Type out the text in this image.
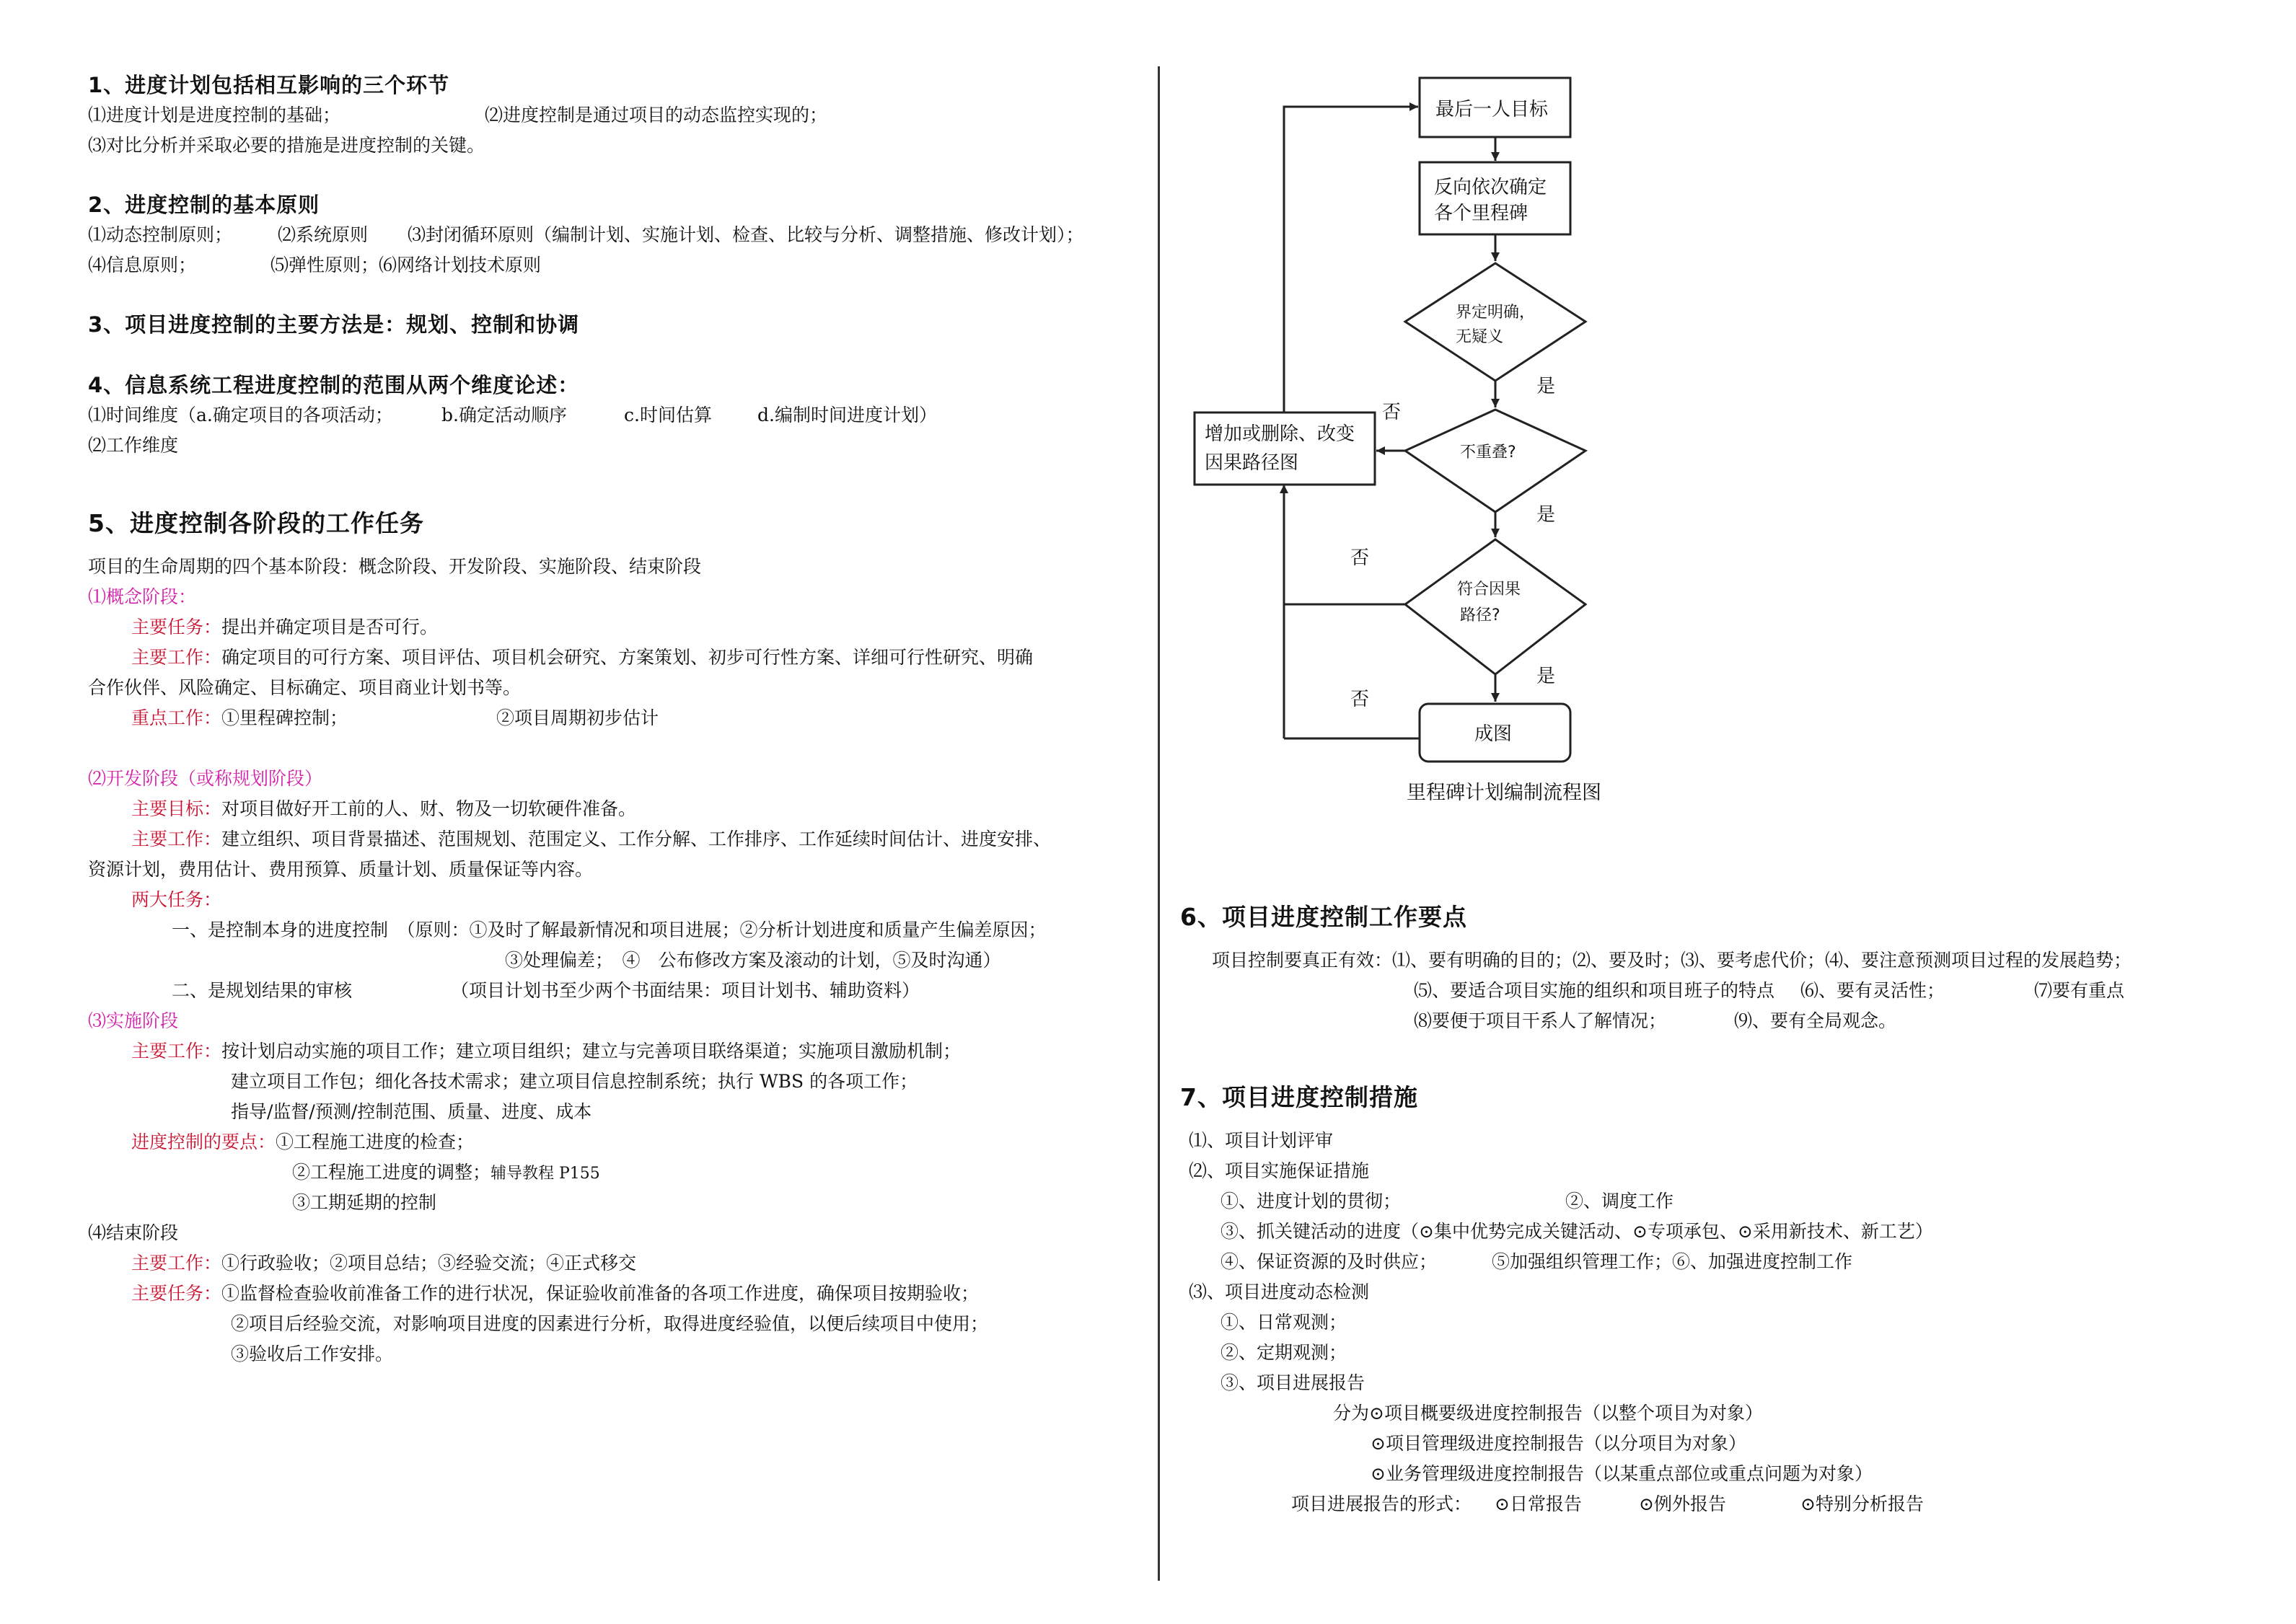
1、进度计划包括相互影响的三个环节
⑴进度计划是进度控制的基础；	⑵进度控制是通过项目的动态监控实现的；
⑶对比分析并采取必要的措施是进度控制的关键。
2、进度控制的基本原则
⑴动态控制原则；	⑵系统原则 ⑶封闭循环原则（编制计划、实施计划、检查、比较与分析、调整措施、修改计划）；
⑷信息原则；	⑸弹性原则；⑹网络计划技术原则
3、项目进度控制的主要方法是：规划、控制和协调
4、信息系统工程进度控制的范围从两个维度论述：
⑴时间维度（a.确定项目的各项活动；	b.确定活动顺序	c.时间估算	d.编制时间进度计划）
⑵工作维度
5、进度控制各阶段的工作任务
项目的生命周期的四个基本阶段：概念阶段、开发阶段、实施阶段、结束阶段
⑴概念阶段：
主要任务：提出并确定项目是否可行。
主要工作：确定项目的可行方案、项目评估、项目机会研究、方案策划、初步可行性方案、详细可行性研究、明确
合作伙伴、风险确定、目标确定、项目商业计划书等。
重点工作：①里程碑控制；	②项目周期初步估计
⑵开发阶段（或称规划阶段）
主要目标：对项目做好开工前的人、财、物及一切软硬件准备。
主要工作：建立组织、项目背景描述、范围规划、范围定义、工作分解、工作排序、工作延续时间估计、进度安排、
资源计划，费用估计、费用预算、质量计划、质量保证等内容。
两大任务：
一、是控制本身的进度控制　（原则：①及时了解最新情况和项目进展；②分析计划进度和质量产生偏差原因；
③处理偏差；　④　公布修改方案及滚动的计划，⑤及时沟通）
二、是规划结果的审核	（项目计划书至少两个书面结果：项目计划书、辅助资料）
⑶实施阶段
主要工作：按计划启动实施的项目工作；建立项目组织；建立与完善项目联络渠道；实施项目激励机制；
建立项目工作包；细化各技术需求；建立项目信息控制系统；执行 WBS 的各项工作；
指导/监督/预测/控制范围、质量、进度、成本
进度控制的要点：①工程施工进度的检查；
②工程施工进度的调整；辅导教程 P155
③工期延期的控制
⑷结束阶段
主要工作：①行政验收；②项目总结；③经验交流；④正式移交
主要任务：①监督检查验收前准备工作的进行状况，保证验收前准备的各项工作进度，确保项目按期验收；
②项目后经验交流，对影响项目进度的因素进行分析，取得进度经验值，以便后续项目中使用；
③验收后工作安排。
最后一人目标
反向依次确定
各个里程碑
界定明确，
无疑义
不重叠?
符合因果
路径?
增加或删除、改变
因果路径图
成图
是
是
是
否
否
否
里程碑计划编制流程图
6、项目进度控制工作要点
项目控制要真正有效：⑴、要有明确的目的；⑵、要及时；⑶、要考虑代价；⑷、要注意预测项目过程的发展趋势；
⑸、要适合项目实施的组织和项目班子的特点 ⑹、要有灵活性；	⑺要有重点
⑻要便于项目干系人了解情况；	⑼、要有全局观念。
7、项目进度控制措施
⑴、项目计划评审
⑵、项目实施保证措施
①、进度计划的贯彻；	②、调度工作
③、抓关键活动的进度（⊙集中优势完成关键活动、⊙专项承包、⊙采用新技术、新工艺）
④、保证资源的及时供应；	⑤加强组织管理工作；⑥、加强进度控制工作
⑶、项目进度动态检测
①、日常观测；
②、定期观测；
③、项目进展报告
分为⊙项目概要级进度控制报告（以整个项目为对象）
⊙项目管理级进度控制报告（以分项目为对象）
⊙业务管理级进度控制报告（以某重点部位或重点问题为对象）
项目进展报告的形式： ⊙日常报告	⊙例外报告	⊙特别分析报告
